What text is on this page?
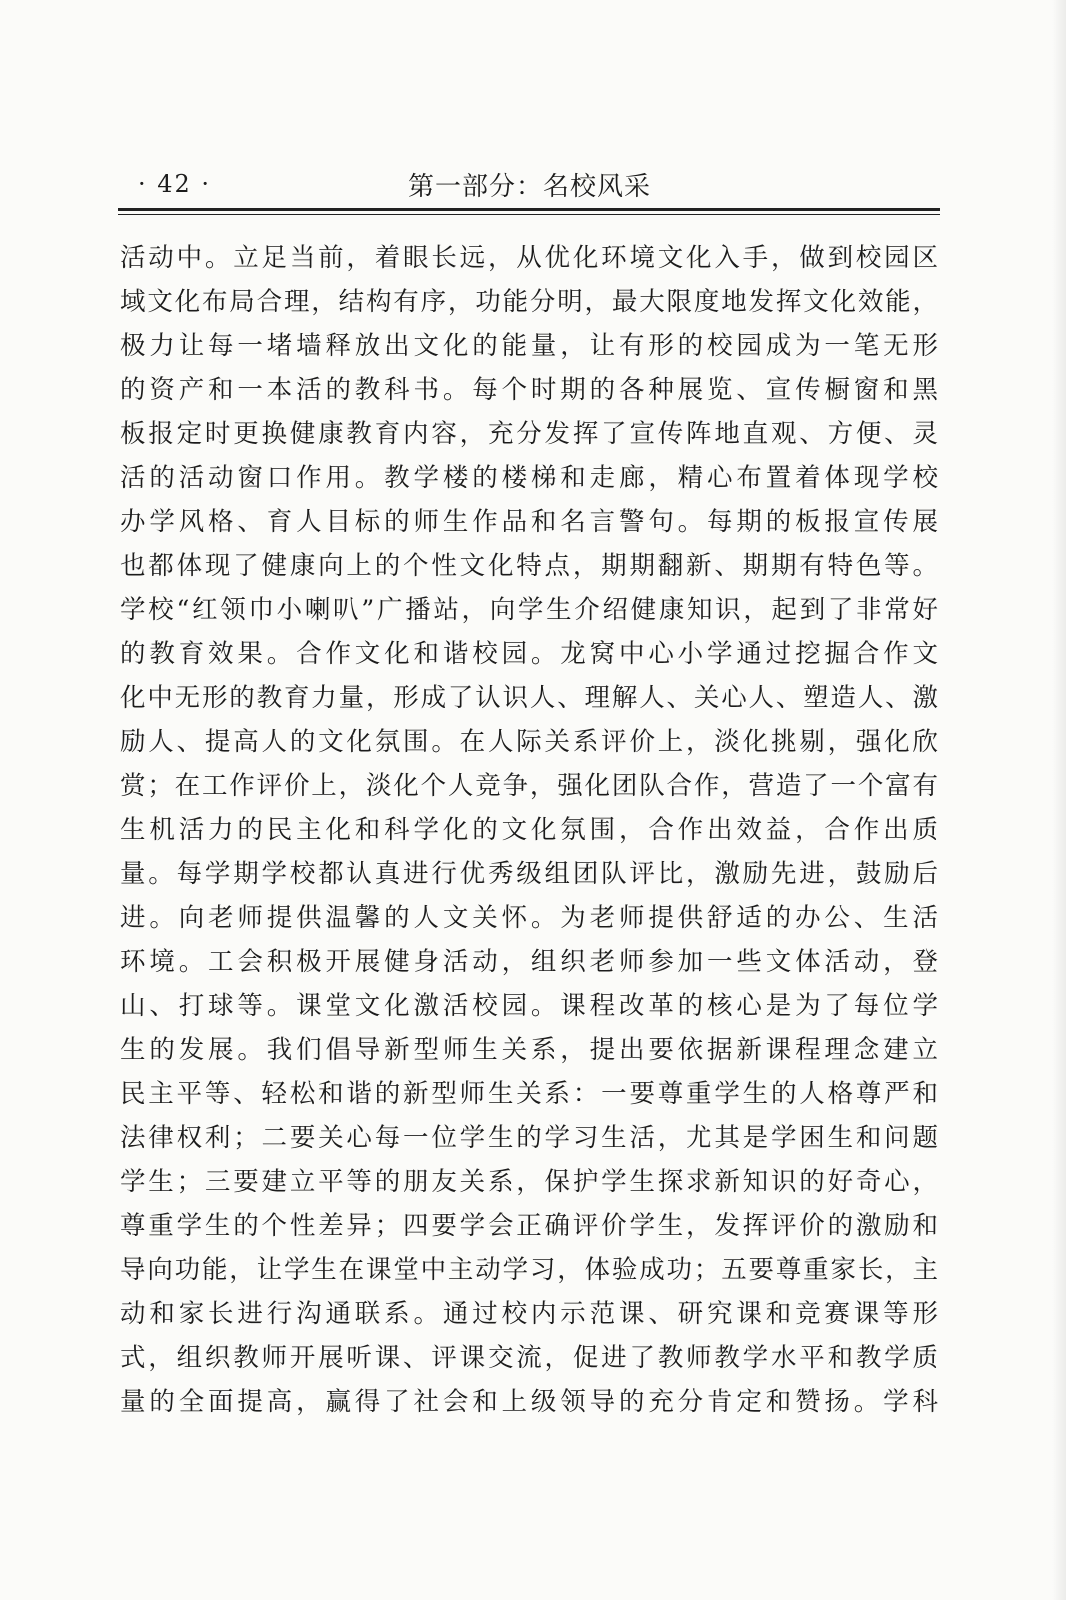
· 42 ·	第一部分：名校风采
活动中。立足当前，着眼长远，从优化环境文化入手，做到校园区
域文化布局合理，结构有序，功能分明，最大限度地发挥文化效能，
极力让每一堵墙释放出文化的能量，让有形的校园成为一笔无形
的资产和一本活的教科书。每个时期的各种展览、宣传橱窗和黑
板报定时更换健康教育内容，充分发挥了宣传阵地直观、方便、灵
活的活动窗口作用。教学楼的楼梯和走廊，精心布置着体现学校
办学风格、育人目标的师生作品和名言警句。每期的板报宣传展
也都体现了健康向上的个性文化特点，期期翻新、期期有特色等。
学校“红领巾小喇叭”广播站，向学生介绍健康知识，起到了非常好
的教育效果。合作文化和谐校园。龙窝中心小学通过挖掘合作文
化中无形的教育力量，形成了认识人、理解人、关心人、塑造人、激
励人、提高人的文化氛围。在人际关系评价上，淡化挑剔，强化欣
赏；在工作评价上，淡化个人竞争，强化团队合作，营造了一个富有
生机活力的民主化和科学化的文化氛围，合作出效益，合作出质
量。每学期学校都认真进行优秀级组团队评比，激励先进，鼓励后
进。向老师提供温馨的人文关怀。为老师提供舒适的办公、生活
环境。工会积极开展健身活动，组织老师参加一些文体活动，登
山、打球等。课堂文化激活校园。课程改革的核心是为了每位学
生的发展。我们倡导新型师生关系，提出要依据新课程理念建立
民主平等、轻松和谐的新型师生关系：一要尊重学生的人格尊严和
法律权利；二要关心每一位学生的学习生活，尤其是学困生和问题
学生；三要建立平等的朋友关系，保护学生探求新知识的好奇心，
尊重学生的个性差异；四要学会正确评价学生，发挥评价的激励和
导向功能，让学生在课堂中主动学习，体验成功；五要尊重家长，主
动和家长进行沟通联系。通过校内示范课、研究课和竞赛课等形
式，组织教师开展听课、评课交流，促进了教师教学水平和教学质
量的全面提高，赢得了社会和上级领导的充分肯定和赞扬。学科
